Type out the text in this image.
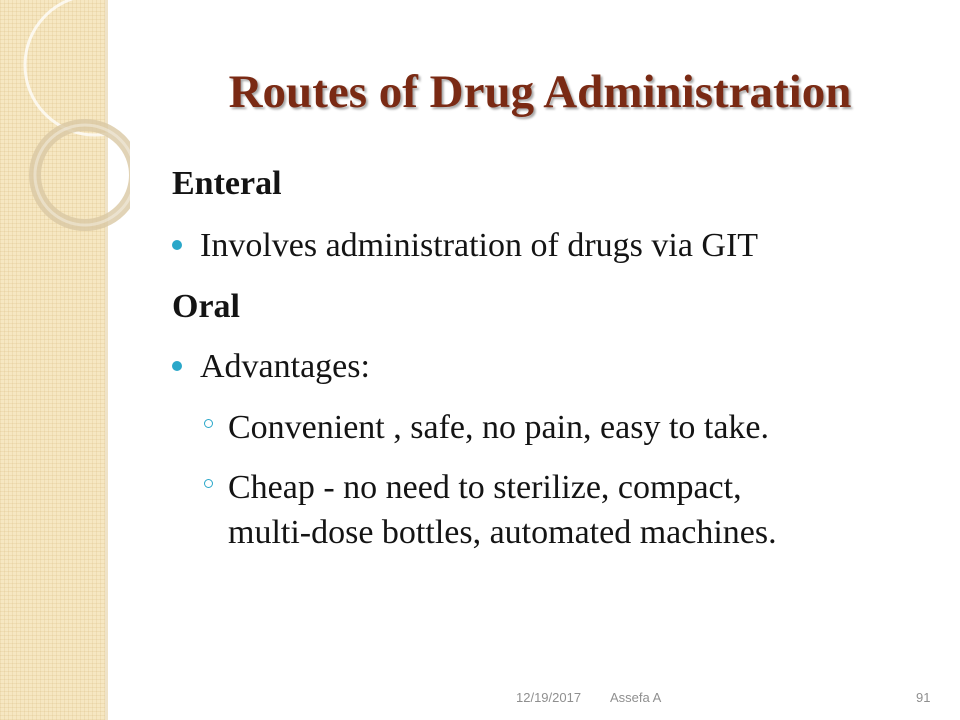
Routes of Drug Administration
Enteral
Involves administration of drugs via GIT
Oral
Advantages:
Convenient , safe, no pain, easy to take.
Cheap - no need to sterilize, compact,
multi-dose bottles, automated machines.
12/19/2017 Assefa A	91
